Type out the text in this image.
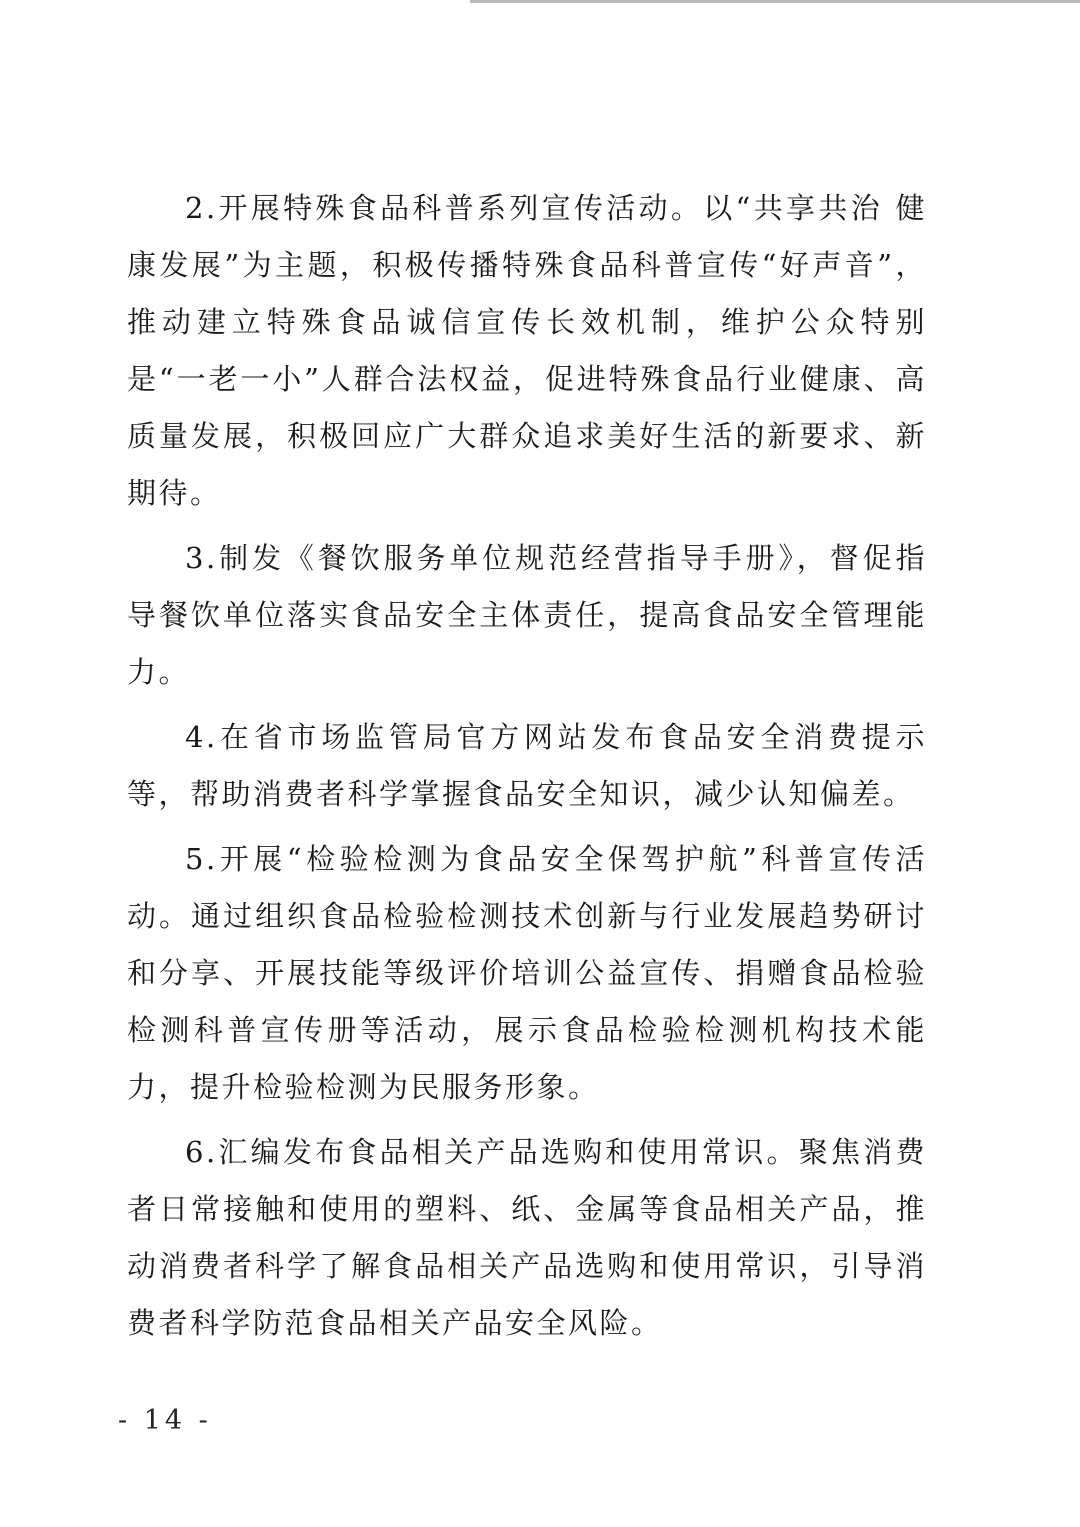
2.开展特殊食品科普系列宣传活动。以“共享共治 健康发展”为主题，积极传播特殊食品科普宣传“好声音”，推动建立特殊食品诚信宣传长效机制，维护公众特别是“一老一小”人群合法权益，促进特殊食品行业健康、高质量发展，积极回应广大群众追求美好生活的新要求、新期待。

3.制发《餐饮服务单位规范经营指导手册》，督促指导餐饮单位落实食品安全主体责任，提高食品安全管理能力。

4.在省市场监管局官方网站发布食品安全消费提示等，帮助消费者科学掌握食品安全知识，减少认知偏差。

5.开展“检验检测为食品安全保驾护航”科普宣传活动。通过组织食品检验检测技术创新与行业发展趋势研讨和分享、开展技能等级评价培训公益宣传、捐赠食品检验检测科普宣传册等活动，展示食品检验检测机构技术能力，提升检验检测为民服务形象。

6.汇编发布食品相关产品选购和使用常识。聚焦消费者日常接触和使用的塑料、纸、金属等食品相关产品，推动消费者科学了解食品相关产品选购和使用常识，引导消费者科学防范食品相关产品安全风险。

- 14 -
